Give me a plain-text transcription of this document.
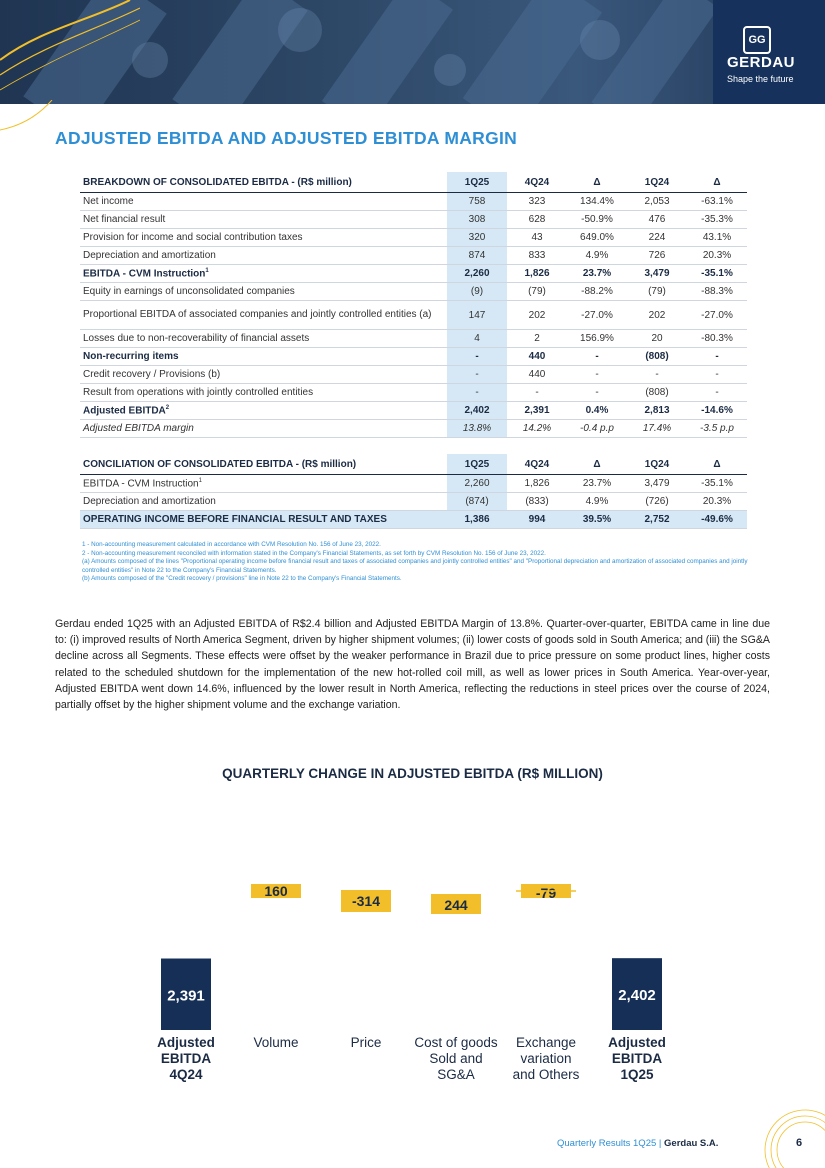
GG
GERDAU
Shape the future
ADJUSTED EBITDA AND ADJUSTED EBITDA MARGIN
BREAKDOWN OF CONSOLIDATED EBITDA - (R$ million)	1Q25	4Q24	Δ	1Q24	Δ
Net income	758	323	134.4%	2,053	-63.1%
Net financial result	308	628	-50.9%	476	-35.3%
Provision for income and social contribution taxes	320	43	649.0%	224	43.1%
Depreciation and amortization	874	833	4.9%	726	20.3%
EBITDA - CVM Instruction$^1$	2,260	1,826	23.7%	3,479	-35.1%
Equity in earnings of unconsolidated companies	(9)	(79)	-88.2%	(79)	-88.3%
Proportional EBITDA of associated companies and jointly controlled entities (a)	147	202	-27.0%	202	-27.0%
Losses due to non-recoverability of financial assets	4	2	156.9%	20	-80.3%
Non-recurring items	-	440	-	(808)	-
Credit recovery / Provisions (b)	-	440	-	-	-
Result from operations with jointly controlled entities	-	-	-	(808)	-
Adjusted EBITDA$^2$	2,402	2,391	0.4%	2,813	-14.6%
Adjusted EBITDA margin	13.8%	14.2%	-0.4 p.p	17.4%	-3.5 p.p
CONCILIATION OF CONSOLIDATED EBITDA - (R$ million)	1Q25	4Q24	Δ	1Q24	Δ
EBITDA - CVM Instruction$^1$	2,260	1,826	23.7%	3,479	-35.1%
Depreciation and amortization	(874)	(833)	4.9%	(726)	20.3%
OPERATING INCOME BEFORE FINANCIAL RESULT AND TAXES	1,386	994	39.5%	2,752	-49.6%
1 - Non-accounting measurement calculated in accordance with CVM Resolution No. 156 of June 23, 2022.
2 - Non-accounting measurement reconciled with information stated in the Company's Financial Statements, as set forth by CVM Resolution No. 156 of June 23, 2022.
(a) Amounts composed of the lines "Proportional operating income before financial result and taxes of associated companies and jointly controlled entities" and "Proportional depreciation and amortization of associated companies and jointly controlled entities" in Note 22 to the Company's Financial Statements.
(b) Amounts composed of the "Credit recovery / provisions" line in Note 22 to the Company's Financial Statements.

Gerdau ended 1Q25 with an Adjusted EBITDA of R$2.4 billion and Adjusted EBITDA Margin of 13.8%. Quarter-over-quarter, EBITDA came in line due to: (i) improved results of North America Segment, driven by higher shipment volumes; (ii) lower costs of goods sold in South America; and (iii) the SG&A decline across all Segments. These effects were offset by the weaker performance in Brazil due to price pressure on some product lines, higher costs related to the scheduled shutdown for the implementation of the new hot-rolled coil mill, as well as lower prices in South America. Year-over-year, Adjusted EBITDA went down 14.6%, influenced by the lower result in North America, reflecting the reductions in steel prices over the course of 2024, partially offset by the higher shipment volume and the exchange variation.

QUARTERLY CHANGE IN ADJUSTED EBITDA (R$ MILLION)
2,391
Adjusted
EBITDA
4Q24
160
Volume
-314
Price
244
Cost of goods
Sold and
SG&A
-79
Exchange
variation
and Others
2,402
Adjusted
EBITDA
1Q25
Quarterly Results 1Q25 | Gerdau S.A.	6
